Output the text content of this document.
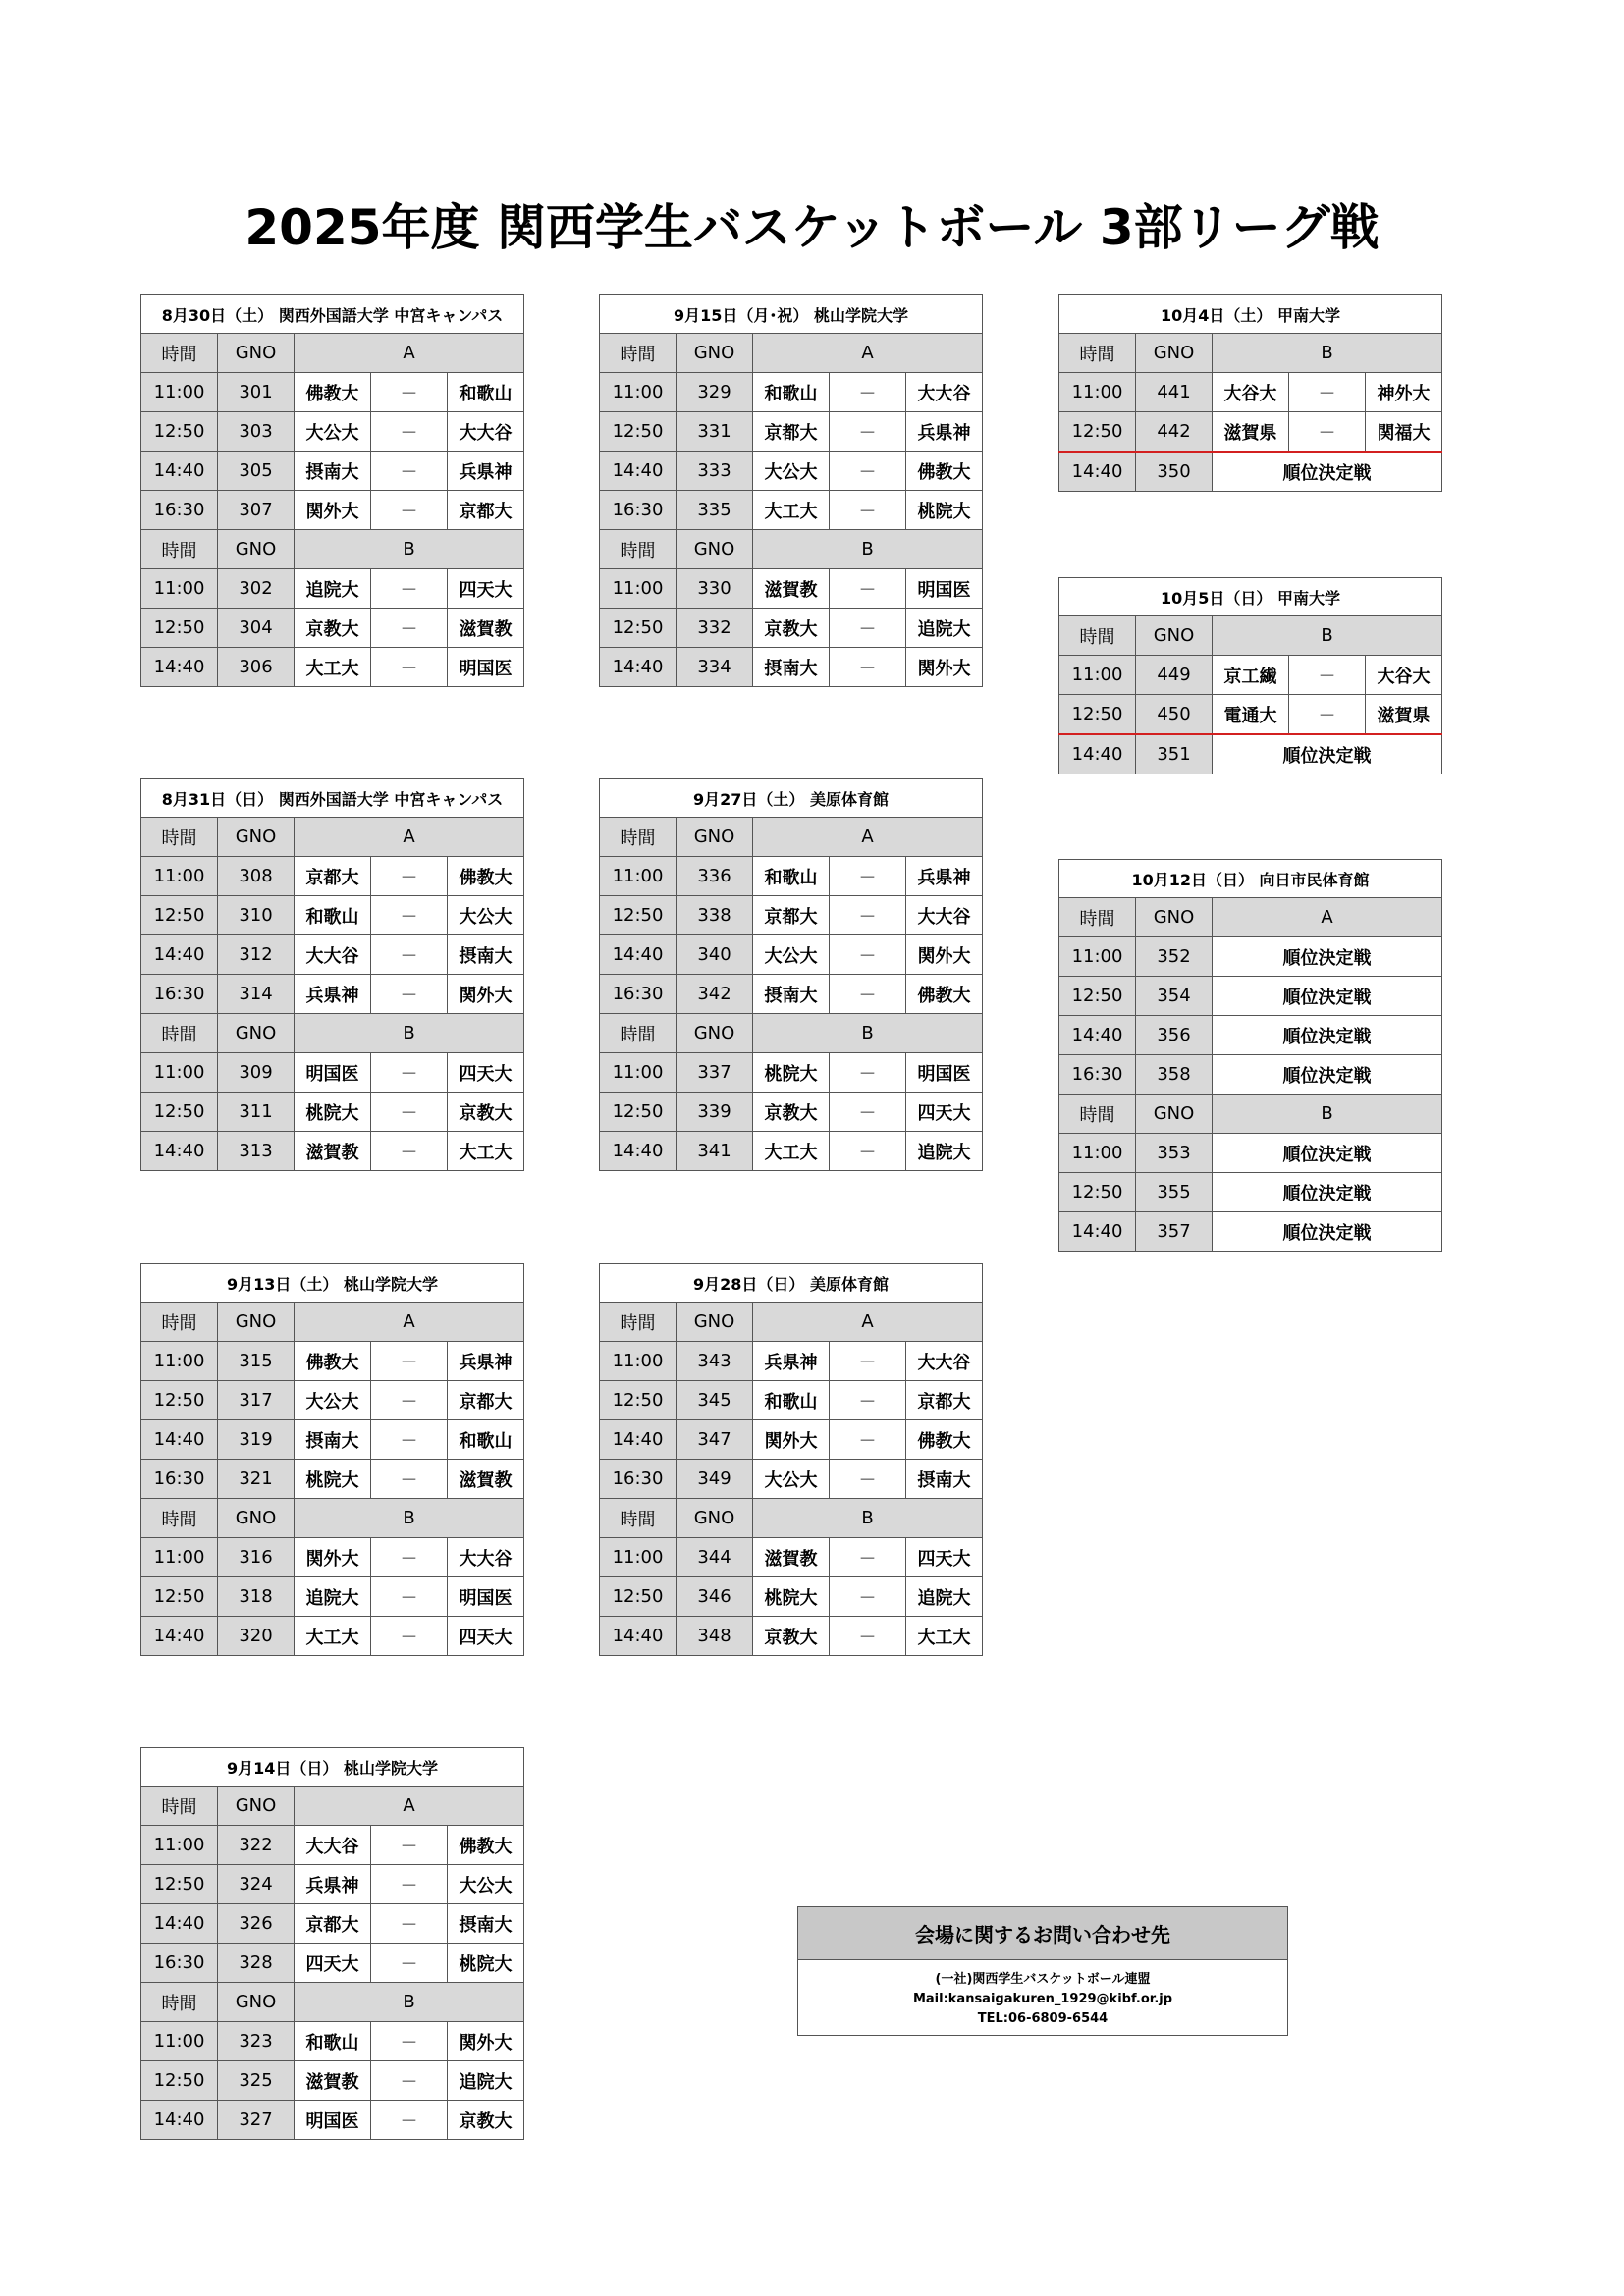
2025年度 関西学生バスケットボール 3部リーグ戦
8月30日（土） 関西外国語大学 中宮キャンパス				
時間	GNO	A		
11:00	301	佛教大	－	和歌山
12:50	303	大公大	－	大大谷
14:40	305	摂南大	－	兵県神
16:30	307	関外大	－	京都大
時間	GNO	B		
11:00	302	追院大	－	四天大
12:50	304	京教大	－	滋賀教
14:40	306	大工大	－	明国医
8月31日（日） 関西外国語大学 中宮キャンパス				
時間	GNO	A		
11:00	308	京都大	－	佛教大
12:50	310	和歌山	－	大公大
14:40	312	大大谷	－	摂南大
16:30	314	兵県神	－	関外大
時間	GNO	B		
11:00	309	明国医	－	四天大
12:50	311	桃院大	－	京教大
14:40	313	滋賀教	－	大工大
9月13日（土） 桃山学院大学				
時間	GNO	A		
11:00	315	佛教大	－	兵県神
12:50	317	大公大	－	京都大
14:40	319	摂南大	－	和歌山
16:30	321	桃院大	－	滋賀教
時間	GNO	B		
11:00	316	関外大	－	大大谷
12:50	318	追院大	－	明国医
14:40	320	大工大	－	四天大
9月14日（日） 桃山学院大学				
時間	GNO	A		
11:00	322	大大谷	－	佛教大
12:50	324	兵県神	－	大公大
14:40	326	京都大	－	摂南大
16:30	328	四天大	－	桃院大
時間	GNO	B		
11:00	323	和歌山	－	関外大
12:50	325	滋賀教	－	追院大
14:40	327	明国医	－	京教大
9月15日（月･祝） 桃山学院大学				
時間	GNO	A		
11:00	329	和歌山	－	大大谷
12:50	331	京都大	－	兵県神
14:40	333	大公大	－	佛教大
16:30	335	大工大	－	桃院大
時間	GNO	B		
11:00	330	滋賀教	－	明国医
12:50	332	京教大	－	追院大
14:40	334	摂南大	－	関外大
9月27日（土） 美原体育館				
時間	GNO	A		
11:00	336	和歌山	－	兵県神
12:50	338	京都大	－	大大谷
14:40	340	大公大	－	関外大
16:30	342	摂南大	－	佛教大
時間	GNO	B		
11:00	337	桃院大	－	明国医
12:50	339	京教大	－	四天大
14:40	341	大工大	－	追院大
9月28日（日） 美原体育館				
時間	GNO	A		
11:00	343	兵県神	－	大大谷
12:50	345	和歌山	－	京都大
14:40	347	関外大	－	佛教大
16:30	349	大公大	－	摂南大
時間	GNO	B		
11:00	344	滋賀教	－	四天大
12:50	346	桃院大	－	追院大
14:40	348	京教大	－	大工大
10月4日（土） 甲南大学				
時間	GNO	B		
11:00	441	大谷大	－	神外大
12:50	442	滋賀県	－	関福大
14:40	350	順位決定戦		
10月5日（日） 甲南大学				
時間	GNO	B		
11:00	449	京工繊	－	大谷大
12:50	450	電通大	－	滋賀県
14:40	351	順位決定戦		
10月12日（日） 向日市民体育館		
時間	GNO	A
11:00	352	順位決定戦
12:50	354	順位決定戦
14:40	356	順位決定戦
16:30	358	順位決定戦
時間	GNO	B
11:00	353	順位決定戦
12:50	355	順位決定戦
14:40	357	順位決定戦
会場に関するお問い合わせ先
(一社)関西学生バスケットボール連盟
Mail:kansaigakuren_1929@kibf.or.jp
TEL:06-6809-6544
